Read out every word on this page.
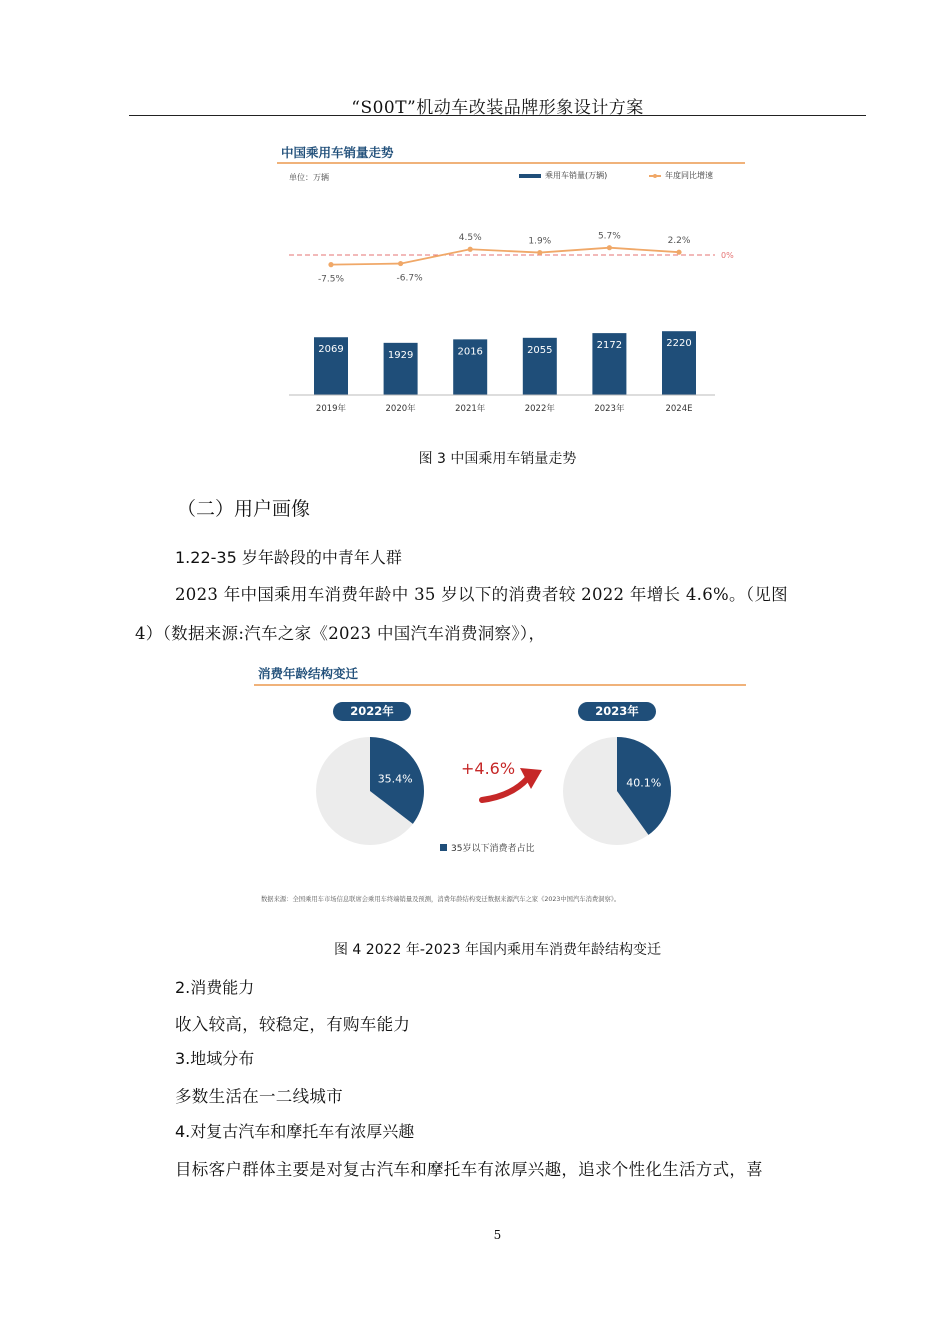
“S00T”机动车改装品牌形象设计方案
中国乘用车销量走势
单位：万辆	乘用车销量(万辆)	年度同比增速
0%
2069
2019年
1929
2020年
2016
2021年
2055
2022年
2172
2023年
2220
2024E
-7.5%	-6.7%
4.5%	1.9%	5.7%	2.2%
图 3 中国乘用车销量走势
（二）用户画像
1.22-35 岁年龄段的中青年人群
2023 年中国乘用车消费年龄中 35 岁以下的消费者较 2022 年增长 4.6%。（见图
4）（数据来源:汽车之家《2023 中国汽车消费洞察》），
消费年龄结构变迁
2022年	2023年
+4.6%
35.4%	40.1%
35岁以下消费者占比
数据来源：全国乘用车市场信息联席会乘用车终端销量及预测，消费年龄结构变迁数据来源汽车之家《2023中国汽车消费洞察》。
图 4 2022 年-2023 年国内乘用车消费年龄结构变迁
2.消费能力
收入较高，较稳定，有购车能力
3.地域分布
多数生活在一二线城市
4.对复古汽车和摩托车有浓厚兴趣
目标客户群体主要是对复古汽车和摩托车有浓厚兴趣，追求个性化生活方式，喜
5
